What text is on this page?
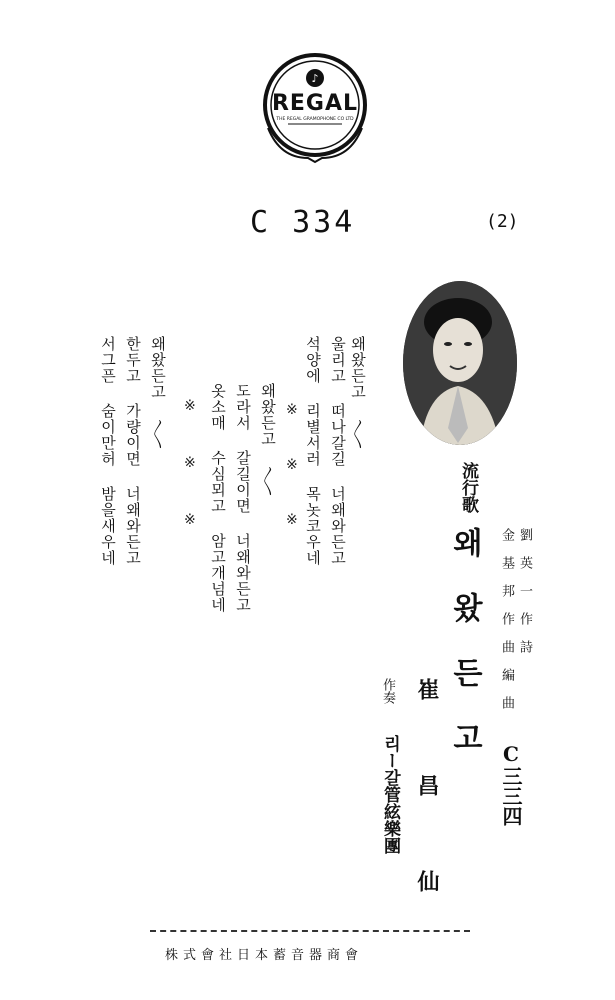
♪
REGAL
THE REGAL GRAMOPHONE CO LTD
C 334	(2)
C三三四
劉 英 一 作 詩
金 基 邦 作 曲 編 曲
流行歌
왜 왔 든 고
崔 昌 仙
作奏
리ー갈管絃樂團
왜왔든고 〱
울리고 떠나갈길 너왜와든고
석양에 리별서러 목놋코우네
※
※
※
왜왔든고 〱
도라서 갈길이면 너왜와든고
옷소매 수심뫼고 암고개넘네
※
※
※
왜왔든고 〱
한두고 가량이면 너왜와든고
서그픈 숨이만허 밤을새우네
株式會社日本蓄音器商會
